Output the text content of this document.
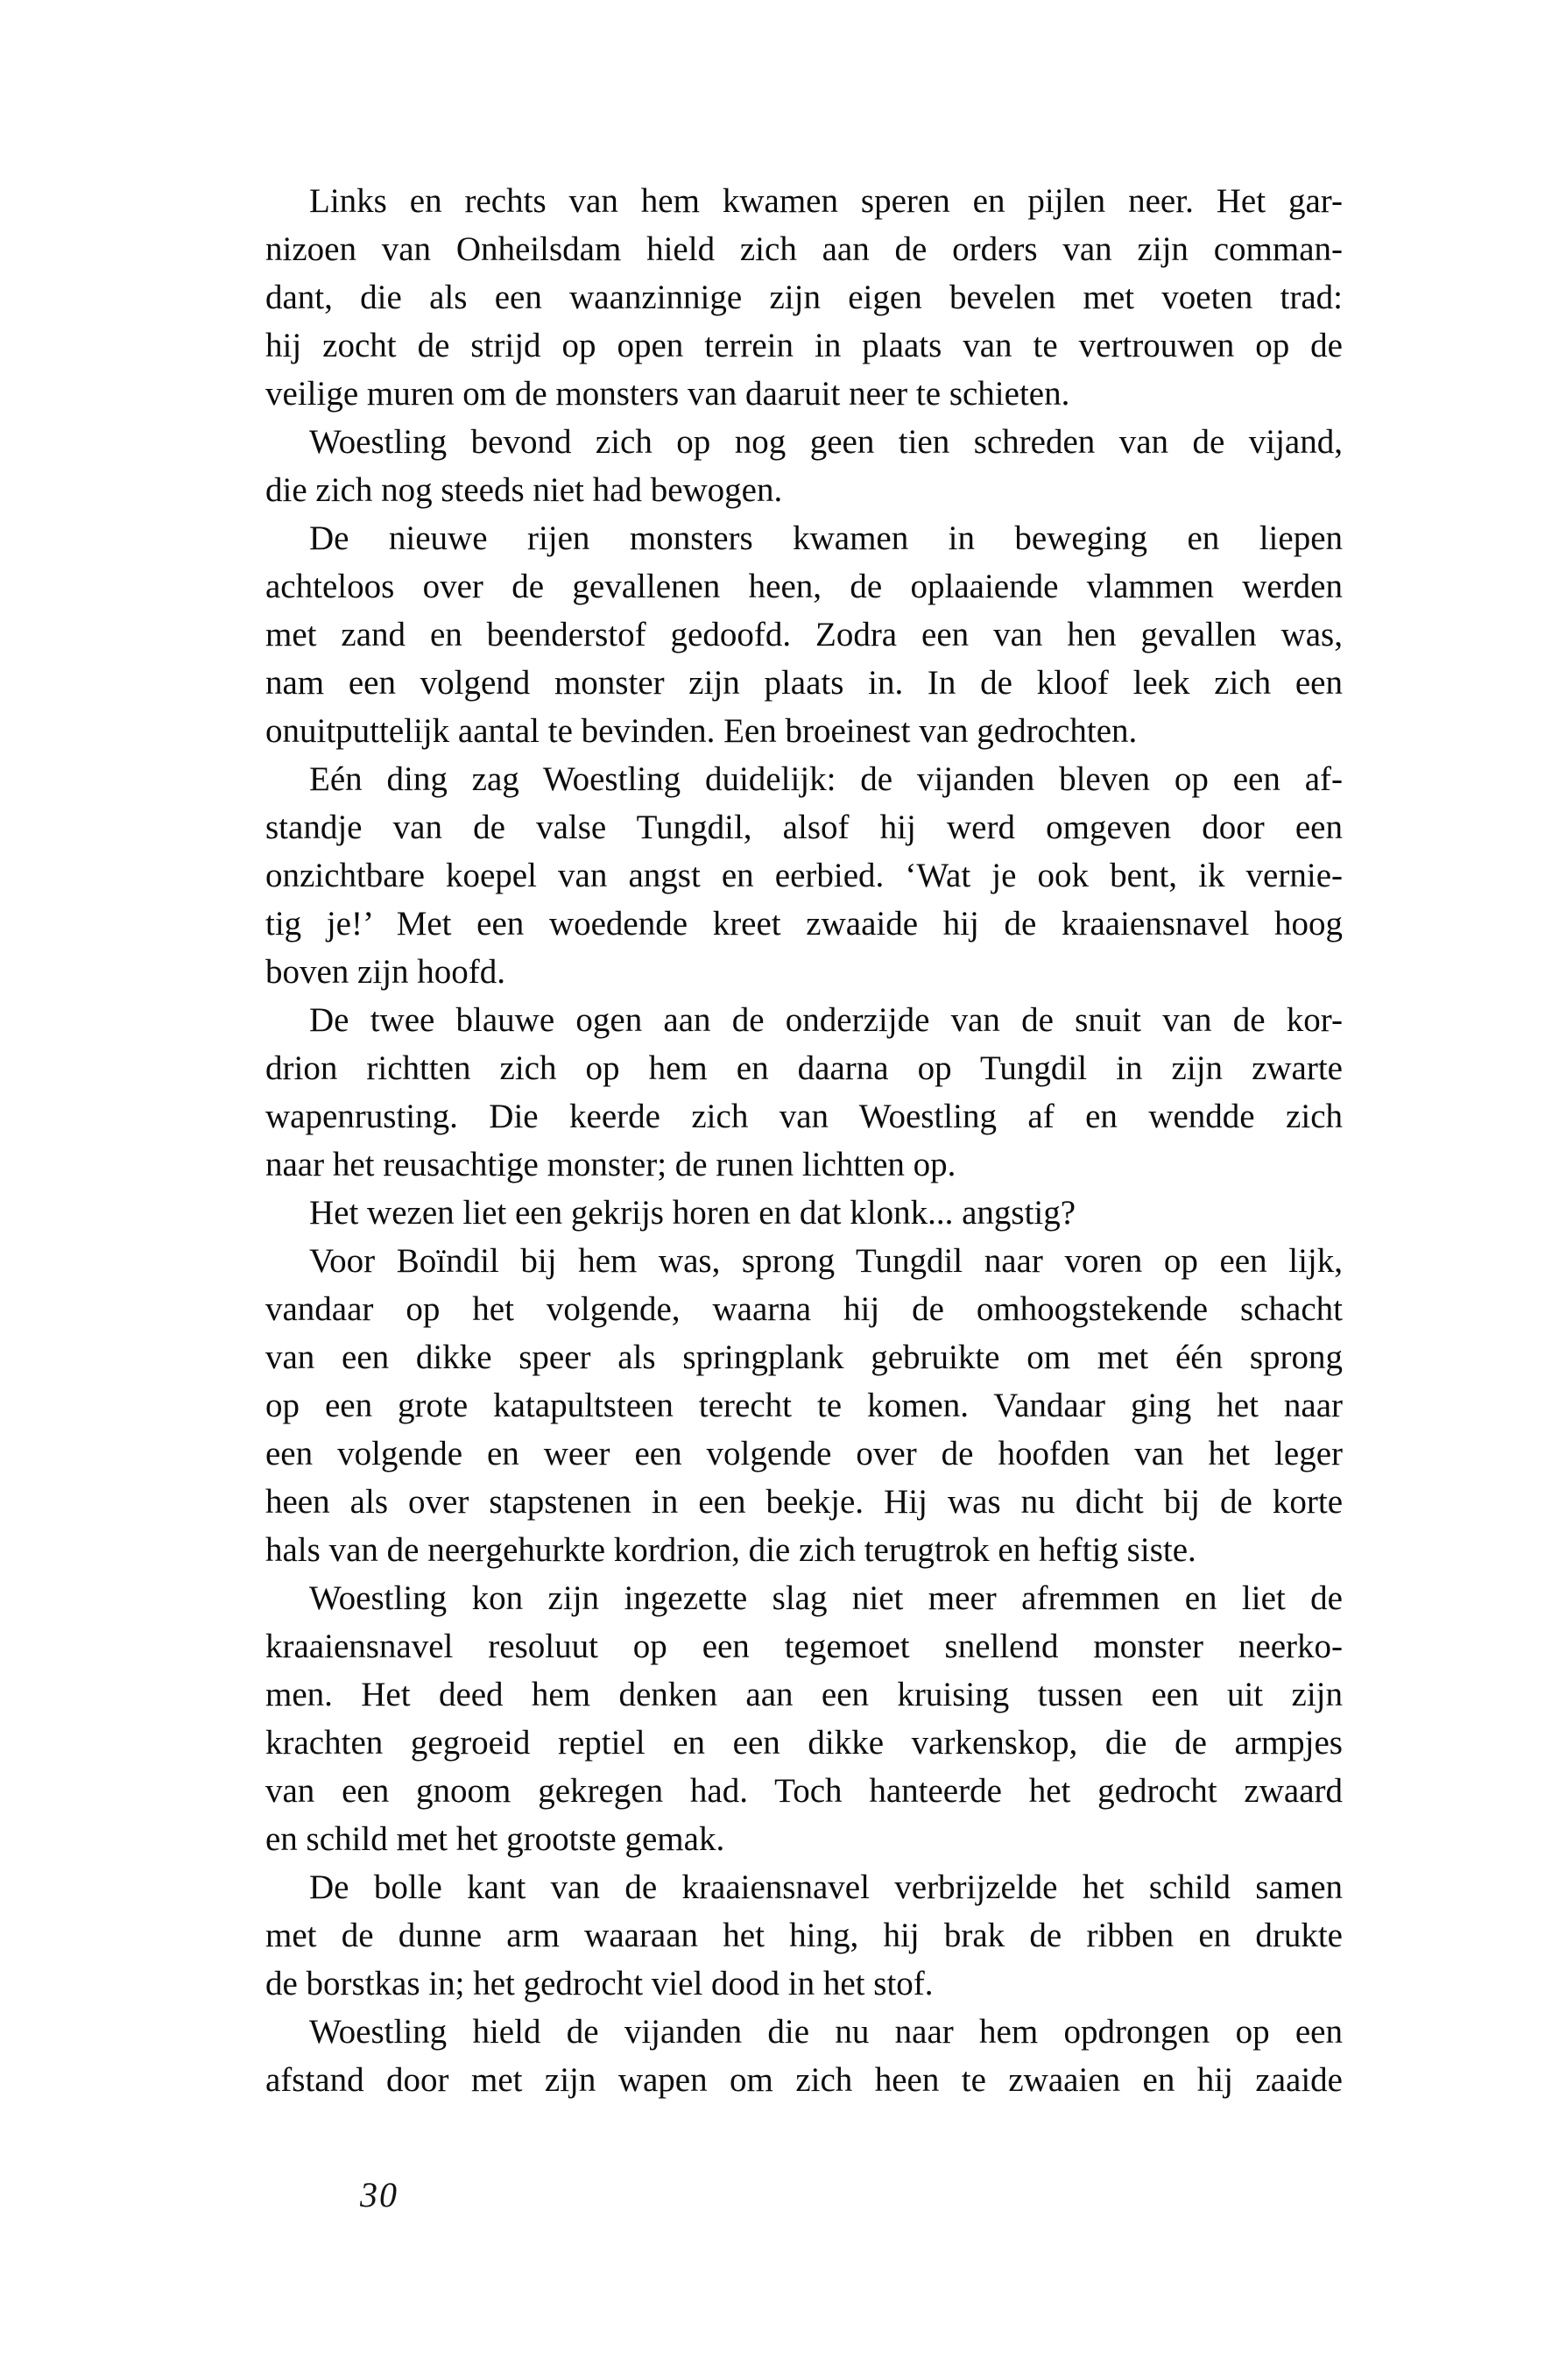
Links en rechts van hem kwamen speren en pijlen neer. Het gar-
nizoen van Onheilsdam hield zich aan de orders van zijn comman-
dant, die als een waanzinnige zijn eigen bevelen met voeten trad:
hij zocht de strijd op open terrein in plaats van te vertrouwen op de
veilige muren om de monsters van daaruit neer te schieten.
Woestling bevond zich op nog geen tien schreden van de vijand,
die zich nog steeds niet had bewogen.
De nieuwe rijen monsters kwamen in beweging en liepen
achteloos over de gevallenen heen, de oplaaiende vlammen werden
met zand en beenderstof gedoofd. Zodra een van hen gevallen was,
nam een volgend monster zijn plaats in. In de kloof leek zich een
onuitputtelijk aantal te bevinden. Een broeinest van gedrochten.
Eén ding zag Woestling duidelijk: de vijanden bleven op een af-
standje van de valse Tungdil, alsof hij werd omgeven door een
onzichtbare koepel van angst en eerbied. ‘Wat je ook bent, ik vernie-
tig je!’ Met een woedende kreet zwaaide hij de kraaiensnavel hoog
boven zijn hoofd.
De twee blauwe ogen aan de onderzijde van de snuit van de kor-
drion richtten zich op hem en daarna op Tungdil in zijn zwarte
wapenrusting. Die keerde zich van Woestling af en wendde zich
naar het reusachtige monster; de runen lichtten op.
Het wezen liet een gekrijs horen en dat klonk... angstig?
Voor Boïndil bij hem was, sprong Tungdil naar voren op een lijk,
vandaar op het volgende, waarna hij de omhoogstekende schacht
van een dikke speer als springplank gebruikte om met één sprong
op een grote katapultsteen terecht te komen. Vandaar ging het naar
een volgende en weer een volgende over de hoofden van het leger
heen als over stapstenen in een beekje. Hij was nu dicht bij de korte
hals van de neergehurkte kordrion, die zich terugtrok en heftig siste.
Woestling kon zijn ingezette slag niet meer afremmen en liet de
kraaiensnavel resoluut op een tegemoet snellend monster neerko-
men. Het deed hem denken aan een kruising tussen een uit zijn
krachten gegroeid reptiel en een dikke varkenskop, die de armpjes
van een gnoom gekregen had. Toch hanteerde het gedrocht zwaard
en schild met het grootste gemak.
De bolle kant van de kraaiensnavel verbrijzelde het schild samen
met de dunne arm waaraan het hing, hij brak de ribben en drukte
de borstkas in; het gedrocht viel dood in het stof.
Woestling hield de vijanden die nu naar hem opdrongen op een
afstand door met zijn wapen om zich heen te zwaaien en hij zaaide
30
